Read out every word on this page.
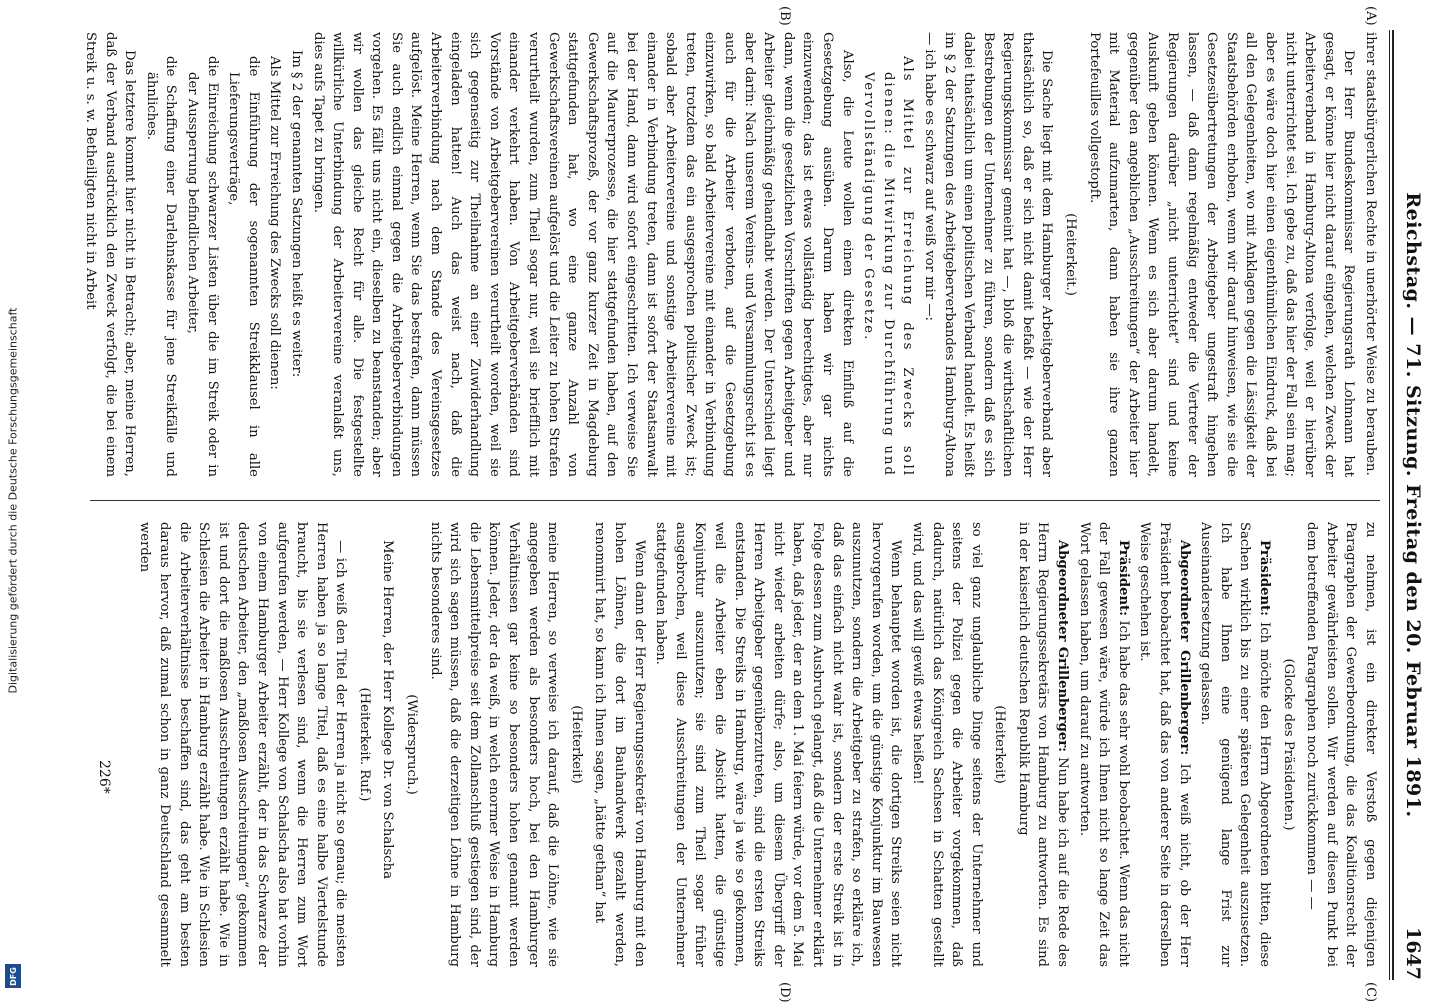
Digitalisierung gefördert durch die Deutsche Forschungsgemeinschaft
DFG
Reichstag. — 71. Sitzung. Freitag den 20. Februar 1891.
1647
(A)
(B)
(C)
(D)

ihrer staatsbürgerlichen Rechte in unerhörter Weise zu berauben.

Der Herr Bundeskommissar Regierungsrath Lohmann hat gesagt, er könne hier nicht darauf eingehen, welchen Zweck der Arbeiterverband in Hamburg-Altona verfolge, weil er hierüber nicht unterrichtet sei. Ich gebe zu, daß das hier der Fall sein mag; aber es wäre doch hier einen eigenthümlichen Eindruck, daß bei all den Gelegenheiten, wo mit Anklagen gegen die Lässigkeit der Staatsbehörden erhoben, wenn wir darauf hinweisen, wie sie die Gesetzesübertretungen der Arbeitgeber ungestraft hingehen lassen, — daß dann regelmäßig entweder die Vertreter der Regierungen darüber „nicht unterrichtet“ sind und keine Auskunft geben können. Wenn es sich aber darum handelt, gegenüber den angeblichen „Ausschreitungen“ der Arbeiter hier mit Material aufzumarten, dann haben sie ihre ganzen Portefeuilles vollgestopft.

(Heiterkeit.)

Die Sache liegt mit dem Hamburger Arbeitgeberverband aber thatsächlich so, daß er sich nicht damit befaßt — wie der Herr Regierungskommissar gemeint hat —, bloß die wirthschaftlichen Bestrebungen der Unternehmer zu führen, sondern daß es sich dabei thatsächlich um einen politischen Verband handelt. Es heißt im § 2 der Satzungen des Arbeitgeberverbandes Hamburg-Altona — ich habe es schwarz auf weiß vor mir —:

Als Mittel zur Erreichung des Zwecks soll dienen: die Mitwirkung zur Durchführung und Vervollständigung der Gesetze.

Also, die Leute wollen einen direkten Einfluß auf die Gesetzgebung ausüben. Darum haben wir gar nichts einzuwenden; das ist etwas vollständig berechtigtes, aber nur dann, wenn die gesetzlichen Vorschriften gegen Arbeitgeber und Arbeiter gleichmäßig gehandhabt werden. Der Unterschied liegt aber darin: Nach unserem Vereins- und Versammlungsrecht ist es auch für die Arbeiter verboten, auf die Gesetzgebung einzuwirken, so bald Arbeitervereine mit einander in Verbindung treten, trotzdem das ein ausgesprochen politischer Zweck ist; sobald aber Arbeitervereine und sonstige Arbeitervereine mit einander in Verbindung treten, dann ist sofort der Staatsanwalt bei der Hand, dann wird sofort eingeschritten. Ich verweise Sie auf die Maurerprozesse, die hier stattgefunden haben, auf den Gewerkschaftsprozeß, der vor ganz kurzer Zeit in Magdeburg stattgefunden hat, wo eine ganze Anzahl von Gewerkschaftsvereinen aufgelöst und die Leiter zu hohen Strafen verurtheilt wurden, zum Theil sogar nur, weil sie briefflich mit einander verkehrt haben. Von Arbeitgeberverbänden sind Vorstände von Arbeitgebervereinen verurtheilt worden, weil sie sich gegenseitig zur Theilnahme an einer Zuwiderhandlung eingeladen hatten! Auch das weist nach, daß die Arbeiterverbindung nach dem Stande des Vereinsgesetzes aufgelöst. Meine Herren, wenn Sie das bestrafen, dann müssen Sie auch endlich einmal gegen die Arbeitgeberverbindungen vorgehen. Es fällt uns nicht ein, dieselben zu beanstanden; aber wir wollen das gleiche Recht für alle. Die festgestellte willkürliche Unterbindung der Arbeitervereine veranlaßt uns, dies aufs Tapet zu bringen.

Im § 2 der genannten Satzungen heißt es weiter:

Als Mittel zur Erreichung des Zwecks soll dienen:

die Einführung der sogenannten Streikklausel in alle Lieferungsverträge,

die Einreichung schwarzer Listen über die im Streik oder in der Aussperrung befindlichen Arbeiter,

die Schaffung einer Darlehnskasse für jene Streikfälle und ähnliches.

Das letztere kommt hier nicht in Betracht; aber, meine Herren, daß der Verband ausdrücklich den Zweck verfolgt, die bei einem Streik u. s. w. Betheiligten nicht in Arbeit

zu nehmen, ist ein direkter Verstoß gegen diejenigen Paragraphen der Gewerbeordnung, die das Koalitionsrecht der Arbeiter gewährleisten sollen. Wir werden auf diesen Punkt bei dem betreffenden Paragraphen noch zurückkommen — —

(Glocke des Präsidenten.)

Präsident: Ich möchte den Herrn Abgeordneten bitten, diese Sachen wirklich bis zu einer späteren Gelegenheit auszusetzen. Ich habe Ihnen eine genügend lange Frist zur Auseinandersetzung gelassen.

Abgeordneter Grillenberger: Ich weiß nicht, ob der Herr Präsident beobachtet hat, daß das von anderer Seite in derselben Weise geschehen ist.

Präsident: Ich habe das sehr wohl beobachtet. Wenn das nicht der Fall gewesen wäre, würde ich Ihnen nicht so lange Zeit das Wort gelassen haben, um darauf zu antworten.

Abgeordneter Grillenberger: Nun habe ich auf die Rede des Herrn Regierungssekretärs von Hamburg zu antworten. Es sind in der kaiserlich deutschen Republik Hamburg

(Heiterkeit)

so viel ganz unglaubliche Dinge seitens der Unternehmer und seitens der Polizei gegen die Arbeiter vorgekommen, daß dadurch, natürlich das Königreich Sachsen in Schatten gestellt wird, und das will gewiß etwas heißen!

Wenn behauptet worden ist, die dortigen Streiks seien nicht hervorgerufen worden, um die günstige Konjunktur im Bauwesen auszunutzen, sondern die Arbeitgeber zu strafen, so erkläre ich, daß das einfach nicht wahr ist, sondern der erste Streik ist in Folge dessen zum Ausbruch gelangt, daß die Unternehmer erklärt haben, daß jeder, der an dem 1. Mai feiern würde, vor dem 5. Mai nicht wieder arbeiten dürfe; also, um diesem Übergriff der Herren Arbeitgeber gegenüberzutreten, sind die ersten Streiks entstanden. Die Streiks in Hamburg, wäre ja wie so gekommen, weil die Arbeiter eben die Absicht hatten, die günstige Konjunktur auszunutzen; sie sind zum Theil sogar früher ausgebrochen, weil diese Ausschreitungen der Unternehmer stattgefunden haben.

Wenn dann der Herr Regierungssekretär von Hamburg mit den hohen Löhnen, die dort im Bauhandwerk gezahlt werden, renommirt hat, so kann ich Ihnen sagen, „hätte gethan“ hat

(Heiterkeit)

meine Herren, so verweise ich darauf, daß die Löhne, wie sie angegeben werden als besonders hoch, bei den Hamburger Verhältnissen gar keine so besonders hohen genannt werden können. Jeder, der da weiß, in welch enormer Weise in Hamburg die Lebensmittelpreise seit dem Zollanschluß gestiegen sind, der wird sich sagen müssen, daß die derzeitigen Löhne in Hamburg nichts besonderes sind.

(Widerspruch.)

Meine Herren, der Herr Kollege Dr. von Schalscha

(Heiterkeit. Ruf.)

— ich weiß den Titel der Herren ja nicht so genau; die meisten Herren haben ja so lange Titel, daß es eine halbe Viertelstunde braucht, bis sie verlesen sind, wenn die Herren zum Wort aufgerufen werden, — Herr Kollege von Schalscha also hat vorhin von einem Hamburger Arbeiter erzählt, der in das Schwarze der deutschen Arbeiter, den „maßlosen Ausschreitungen“ gekommen ist und dort die maßlosen Ausschreitungen erzählt habe. Wie in Schlesien die Arbeiter in Hamburg erzählt habe. Wie in Schlesien die Arbeiterverhältnisse beschaffen sind, das geht am besten daraus hervor, daß zumal schon in ganz Deutschland gesammelt werden

226*
